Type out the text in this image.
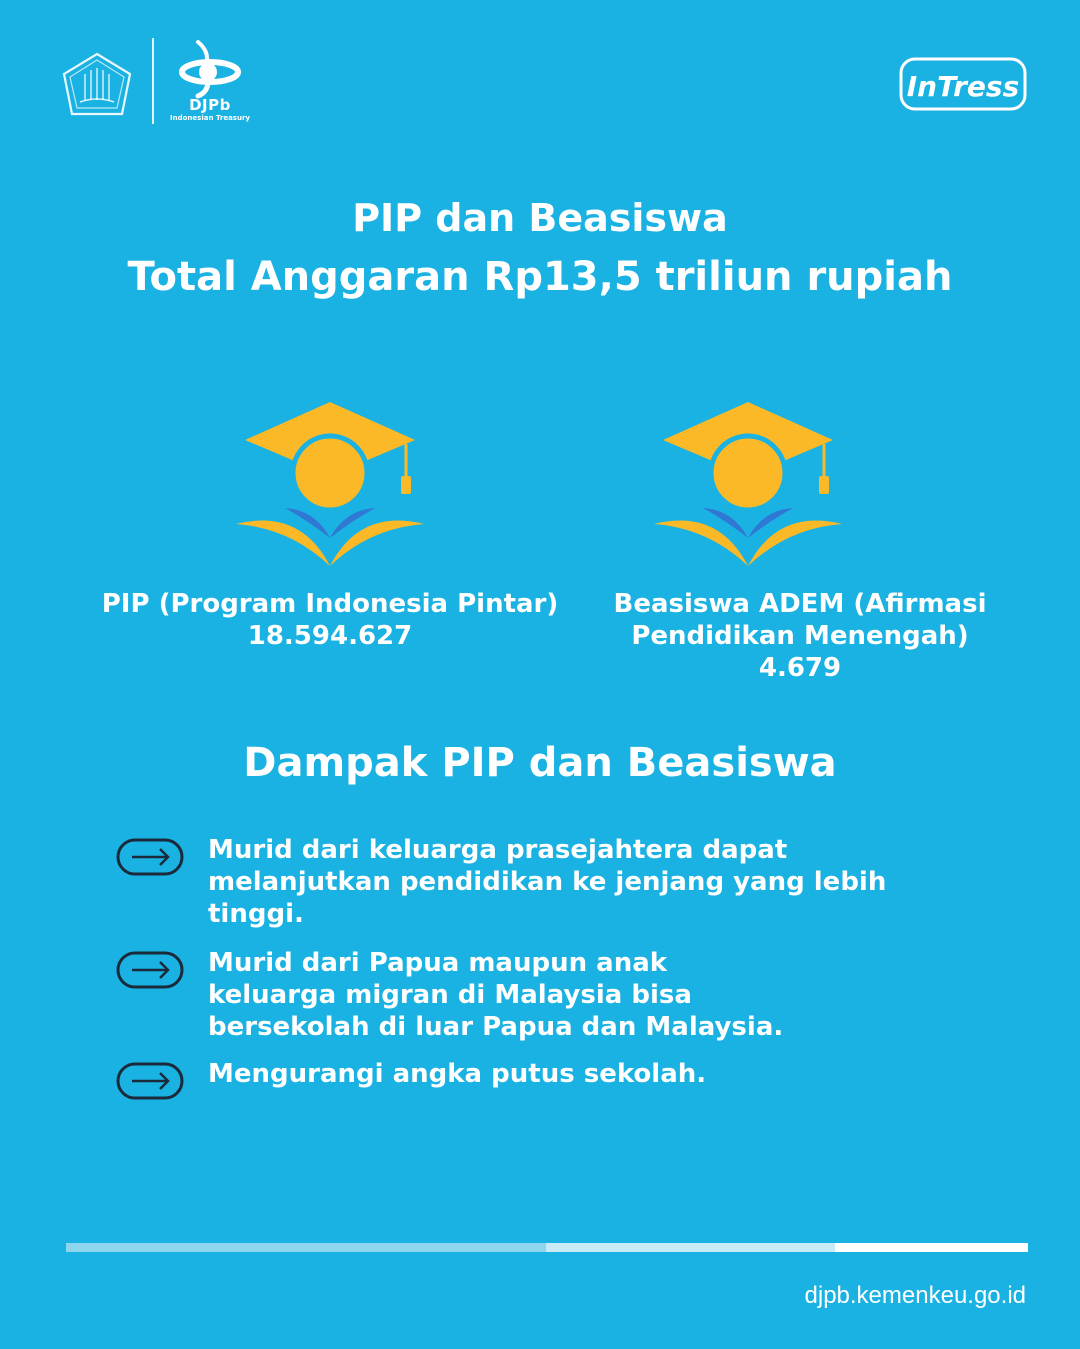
DJPb
Indonesian Treasury
InTress
PIP dan Beasiswa
Total Anggaran Rp13,5 triliun rupiah
PIP (Program Indonesia Pintar)
18.594.627
Beasiswa ADEM (Afirmasi
Pendidikan Menengah)
4.679
Dampak PIP dan Beasiswa
Murid dari keluarga prasejahtera dapat
melanjutkan pendidikan ke jenjang yang lebih
tinggi.
Murid dari Papua maupun anak
keluarga migran di Malaysia bisa
bersekolah di luar Papua dan Malaysia.
Mengurangi angka putus sekolah.
djpb.kemenkeu.go.id
